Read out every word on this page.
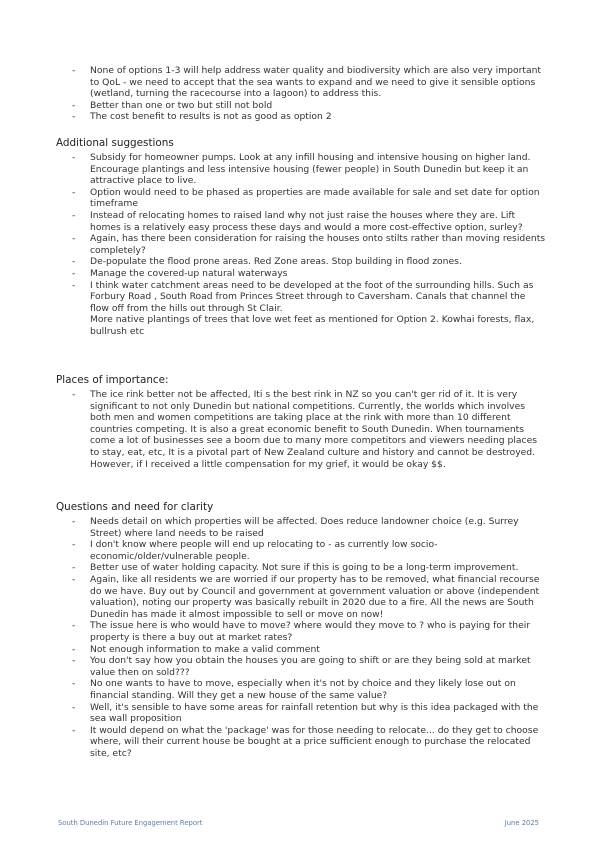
- None of options 1-3 will help address water quality and biodiversity which are also very important to QoL - we need to accept that the sea wants to expand and we need to give it sensible options (wetland, turning the racecourse into a lagoon) to address this.
- Better than one or two but still not bold
- The cost benefit to results is not as good as option 2
Additional suggestions
- Subsidy for homeowner pumps. Look at any infill housing and intensive housing on higher land. Encourage plantings and less intensive housing (fewer people) in South Dunedin but keep it an attractive place to live.
- Option would need to be phased as properties are made available for sale and set date for option timeframe
- Instead of relocating homes to raised land why not just raise the houses where they are. Lift homes is a relatively easy process these days and would a more cost-effective option, surley?
- Again, has there been consideration for raising the houses onto stilts rather than moving residents completely?
- De-populate the flood prone areas. Red Zone areas. Stop building in flood zones.
- Manage the covered-up natural waterways
- I think water catchment areas need to be developed at the foot of the surrounding hills. Such as Forbury Road , South Road from Princes Street through to Caversham. Canals that channel the flow off from the hills out through St Clair.
More native plantings of trees that love wet feet as mentioned for Option 2. Kowhai forests, flax, bullrush etc
Places of importance:
- The ice rink better not be affected, Iti s the best rink in NZ so you can't ger rid of it. It is very significant to not only Dunedin but national competitions. Currently, the worlds which involves both men and women competitions are taking place at the rink with more than 10 different countries competing. It is also a great economic benefit to South Dunedin. When tournaments come a lot of businesses see a boom due to many more competitors and viewers needing places to stay, eat, etc, It is a pivotal part of New Zealand culture and history and cannot be destroyed. However, if I received a little compensation for my grief, it would be okay $$.
Questions and need for clarity
- Needs detail on which properties will be affected. Does reduce landowner choice (e.g. Surrey Street) where land needs to be raised
- I don't know where people will end up relocating to - as currently low socio-economic/older/vulnerable people.
- Better use of water holding capacity. Not sure if this is going to be a long-term improvement.
- Again, like all residents we are worried if our property has to be removed, what financial recourse do we have. Buy out by Council and government at government valuation or above (independent valuation), noting our property was basically rebuilt in 2020 due to a fire. All the news are South Dunedin has made it almost impossible to sell or move on now!
- The issue here is who would have to move? where would they move to ? who is paying for their property is there a buy out at market rates?
- Not enough information to make a valid comment
- You don't say how you obtain the houses you are going to shift or are they being sold at market value then on sold???
- No one wants to have to move, especially when it's not by choice and they likely lose out on financial standing. Will they get a new house of the same value?
- Well, it's sensible to have some areas for rainfall retention but why is this idea packaged with the sea wall proposition
- It would depend on what the 'package' was for those needing to relocate... do they get to choose where, will their current house be bought at a price sufficient enough to purchase the relocated site, etc?
South Dunedin Future Engagement Report	June 2025
